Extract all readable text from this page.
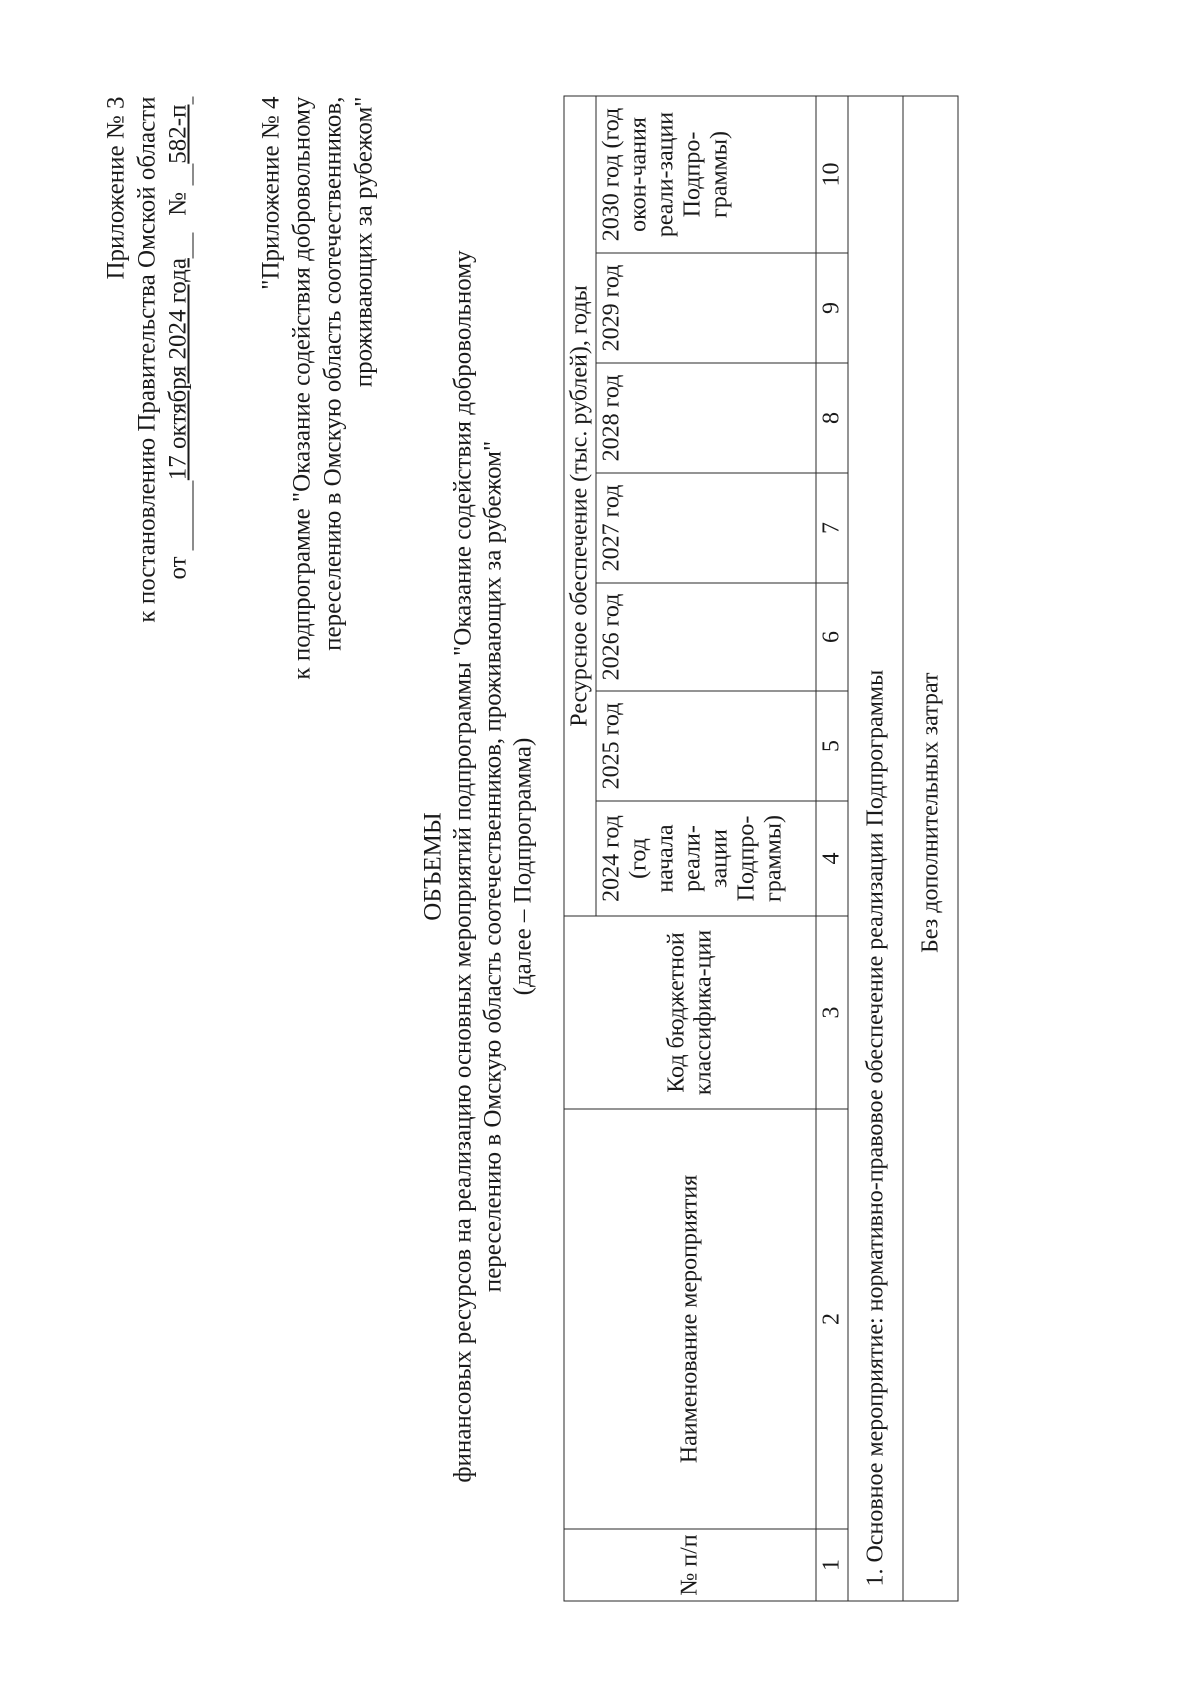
Приложение № 3 к постановлению Правительства Омской области от 17 октября 2024 года № 582-п	"Приложение № 4 к подпрограмме "Оказание содействия добровольному переселению в Омскую область соотечественников, проживающих за рубежом"
ОБЪЕМЫ финансовых ресурсов на реализацию основных мероприятий подпрограммы "Оказание содействия добровольному переселению в Омскую область соотечественников, проживающих за рубежом" (далее – Подпрограмма)
№ п/п	Наименование мероприятия	Код бюджетной классифика-ции	Ресурсное обеспечение (тыс. рублей), годы						
			2024 год (год начала реали-зации Подпро-граммы)	2025 год	2026 год	2027 год	2028 год	2029 год	2030 год (год окон-чания реали-зации Подпро-граммы)
1	2	3	4	5	6	7	8	9	10
1. Основное мероприятие: нормативно-правовое обеспечение реализации Подпрограммы									
	Без дополнительных затрат								
